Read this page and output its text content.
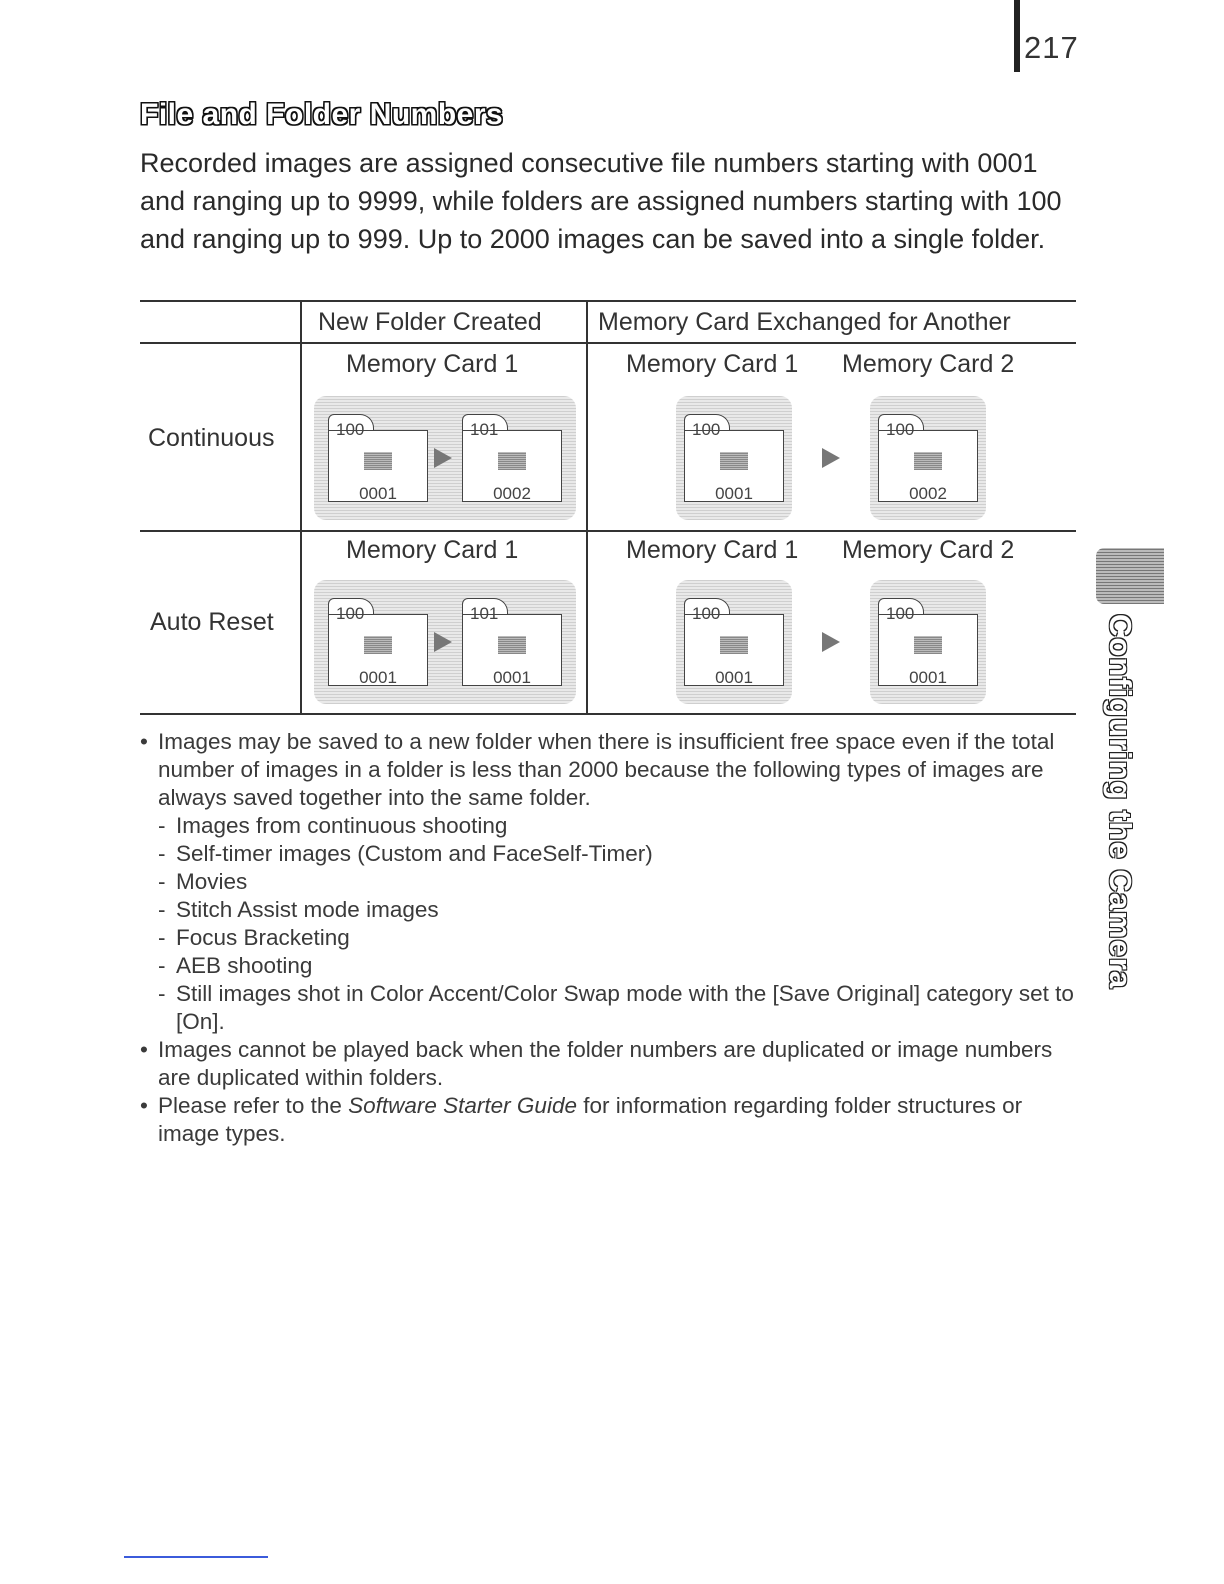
217
File and Folder Numbers

Recorded images are assigned consecutive file numbers starting with 0001 and ranging up to 9999, while folders are assigned numbers starting with 100 and ranging up to 999. Up to 2000 images can be saved into a single folder.

New Folder Created Memory Card Exchanged for Another
Continuous
Memory Card 1	Memory Card 1 Memory Card 2
100
0001
101
0002
100
0001
100
0002
Auto Reset
Memory Card 1	Memory Card 1 Memory Card 2
100
0001
101
0001
100
0001
100
0001
• Images may be saved to a new folder when there is insufficient free space even if the total number of images in a folder is less than 2000 because the following types of images are always saved together into the same folder.
- Images from continuous shooting
- Self-timer images (Custom and FaceSelf-Timer)
- Movies
- Stitch Assist mode images
- Focus Bracketing
- AEB shooting
- Still images shot in Color Accent/Color Swap mode with the [Save Original] category set to [On].
• Images cannot be played back when the folder numbers are duplicated or image numbers are duplicated within folders.
• Please refer to the Software Starter Guide for information regarding folder structures or image types.
Configuring the Camera
